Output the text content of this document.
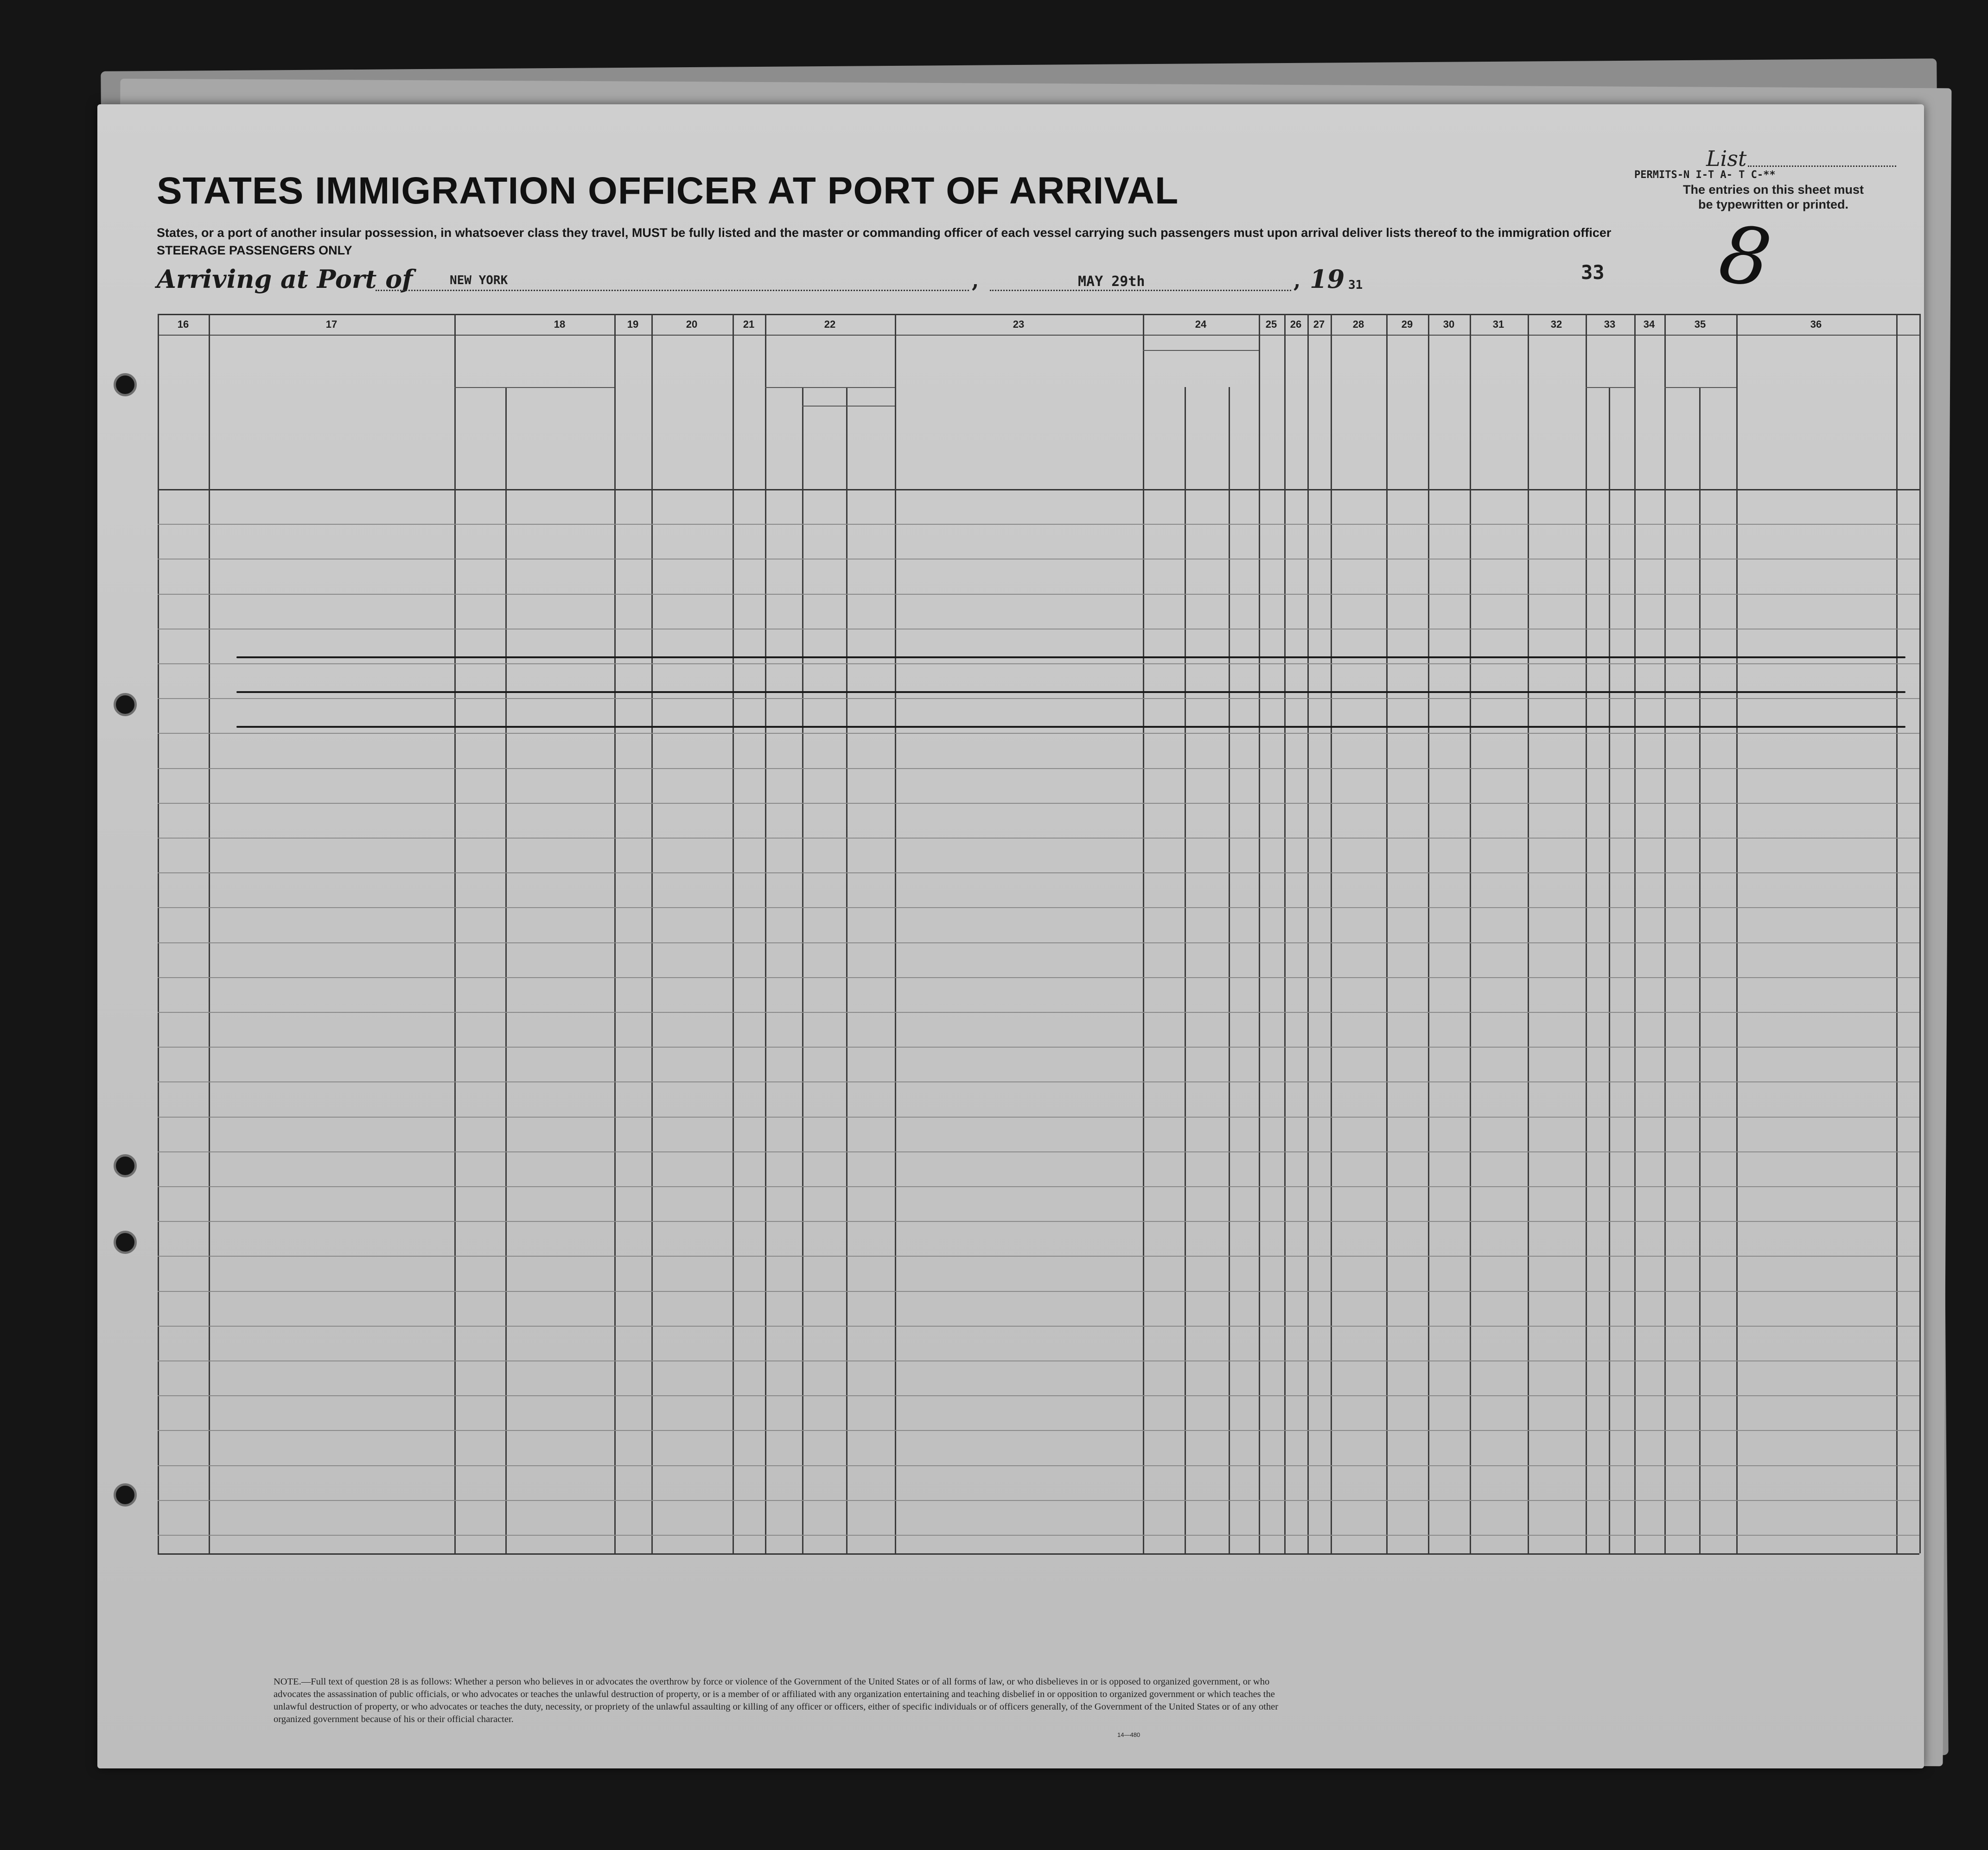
List
PERMITS-N I-T A- T C-**
The entries on this sheet must be typewritten or printed.
STATES IMMIGRATION OFFICER AT PORT OF ARRIVAL
States, or a port of another insular possession, in whatsoever class they travel, MUST be fully listed and the master or commanding officer of each vessel carrying such passengers must upon arrival deliver lists thereof to the immigration officer
STEERAGE PASSENGERS ONLY
Arriving at Port of	NEW YORK	,	MAY 29th	, 19 31
33 8
16	17	18	19	20	21	22	23	24	25	26	27	28	29	30	31	32	33	34	35	36
NOTE.—Full text of question 28 is as follows: Whether a person who believes in or advocates the overthrow by force or violence of the Government of the United States or of all forms of law, or who disbelieves in or is opposed to organized government, or who advocates the assassination of public officials, or who advocates or teaches the unlawful destruction of property, or is a member of or affiliated with any organization entertaining and teaching disbelief in or opposition to organized government or which teaches the unlawful destruction of property, or who advocates or teaches the duty, necessity, or propriety of the unlawful assaulting or killing of any officer or officers, either of specific individuals or of officers generally, of the Government of the United States or of any other organized government because of his or their official character.
14—480
